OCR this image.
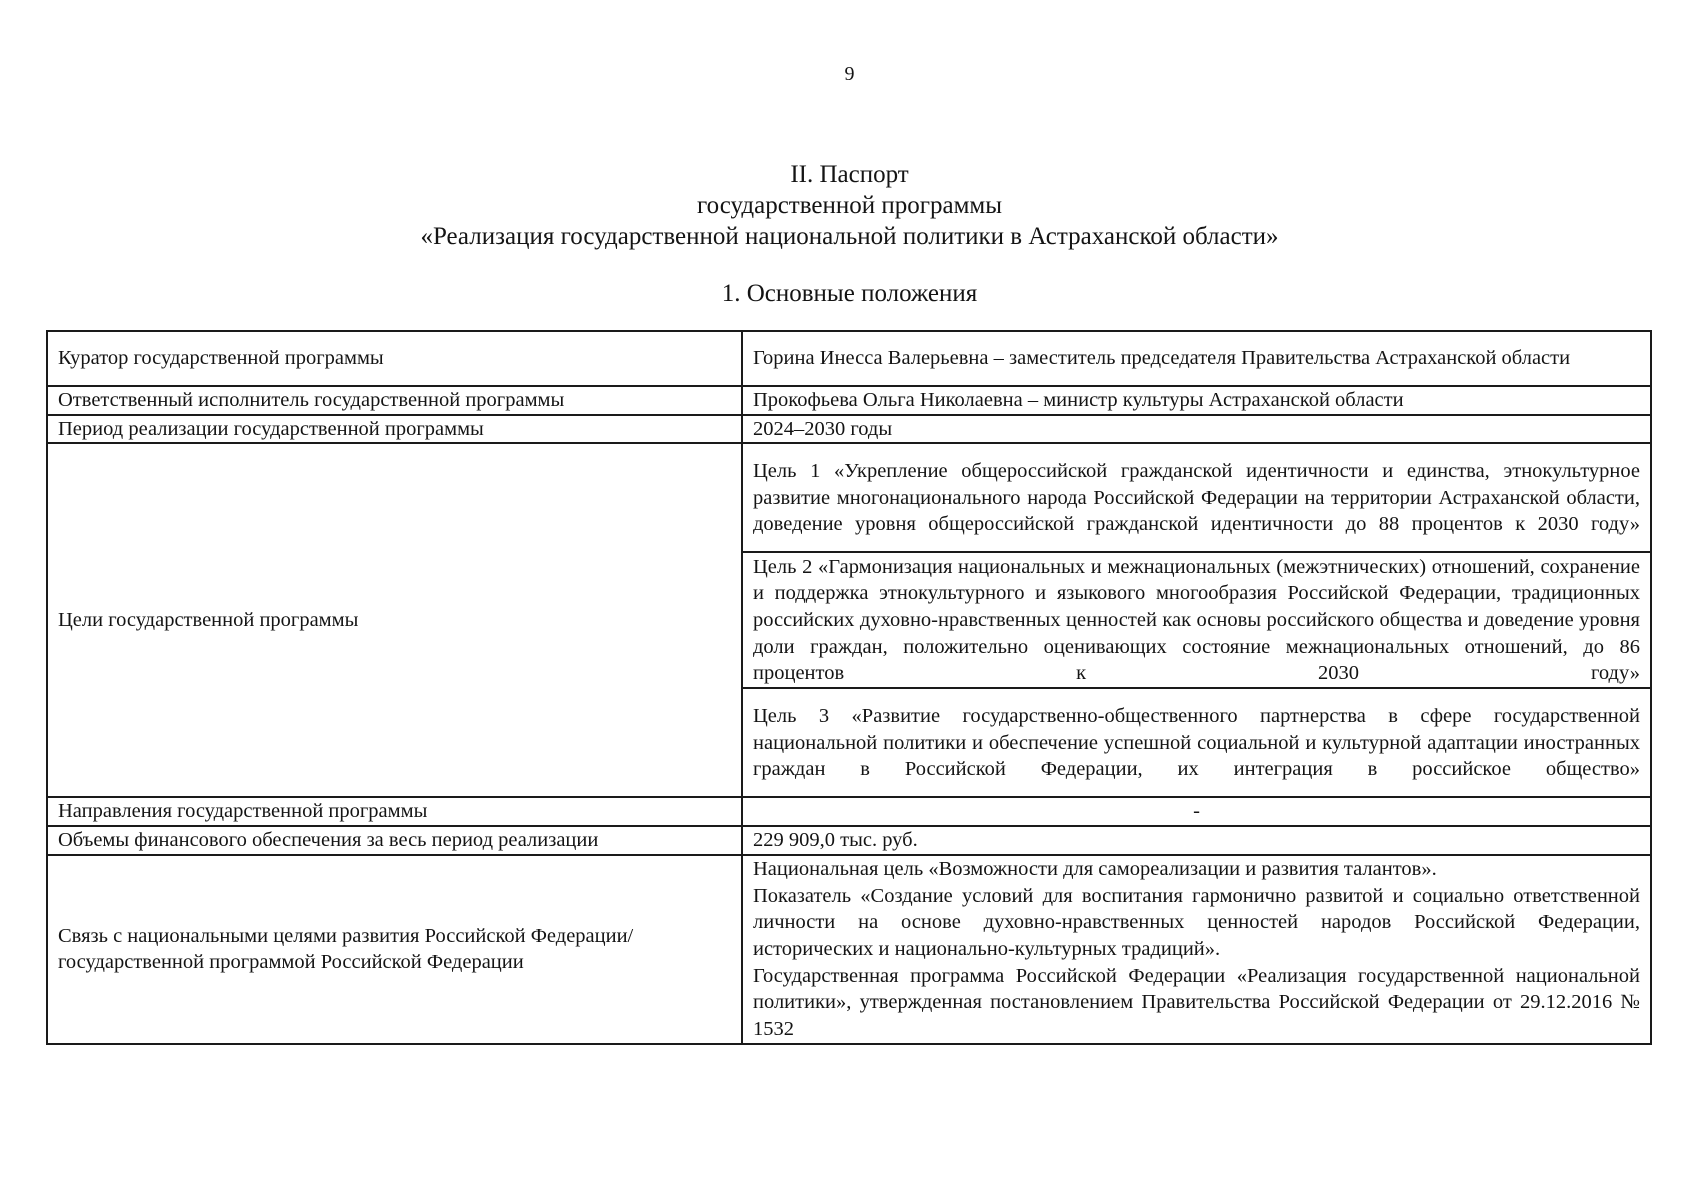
9
II. Паспорт
государственной программы
«Реализация государственной национальной политики в Астраханской области»
1. Основные положения
Куратор государственной программы	Горина Инесса Валерьевна – заместитель председателя Правительства Астраханской области
Ответственный исполнитель государственной программы	Прокофьева Ольга Николаевна – министр культуры Астраханской области
Период реализации государственной программы	2024–2030 годы
Цели государственной программы	Цель 1 «Укрепление общероссийской гражданской идентичности и единства, этнокультурное развитие многонационального народа Российской Федерации на территории Астраханской области, доведение уровня общероссийской гражданской идентичности до 88 процентов к 2030 году»

	Цель 2 «Гармонизация национальных и межнациональных (межэтнических) отношений, сохранение и поддержка этнокультурного и языкового многообразия Российской Федерации, традиционных российских духовно-нравственных ценностей как основы российского общества и доведение уровня доли граждан, положительно оценивающих состояние межнациональных отношений, до 86 процентов к 2030 году»

	Цель 3 «Развитие государственно-общественного партнерства в сфере государственной национальной политики и обеспечение успешной социальной и культурной адаптации иностранных граждан в Российской Федерации, их интеграция в российское общество»

Направления государственной программы	-
Объемы финансового обеспечения за весь период реализации	229 909,0 тыс. руб.
Связь с национальными целями развития Российской Федерации/ государственной программой Российской Федерации	Национальная цель «Возможности для самореализации и развития талантов».

Показатель «Создание условий для воспитания гармонично развитой и социально ответственной личности на основе духовно-нравственных ценностей народов Российской Федерации, исторических и национально-культурных традиций».

Государственная программа Российской Федерации «Реализация государственной национальной политики», утвержденная постановлением Правительства Российской Федерации от 29.12.2016 № 1532
